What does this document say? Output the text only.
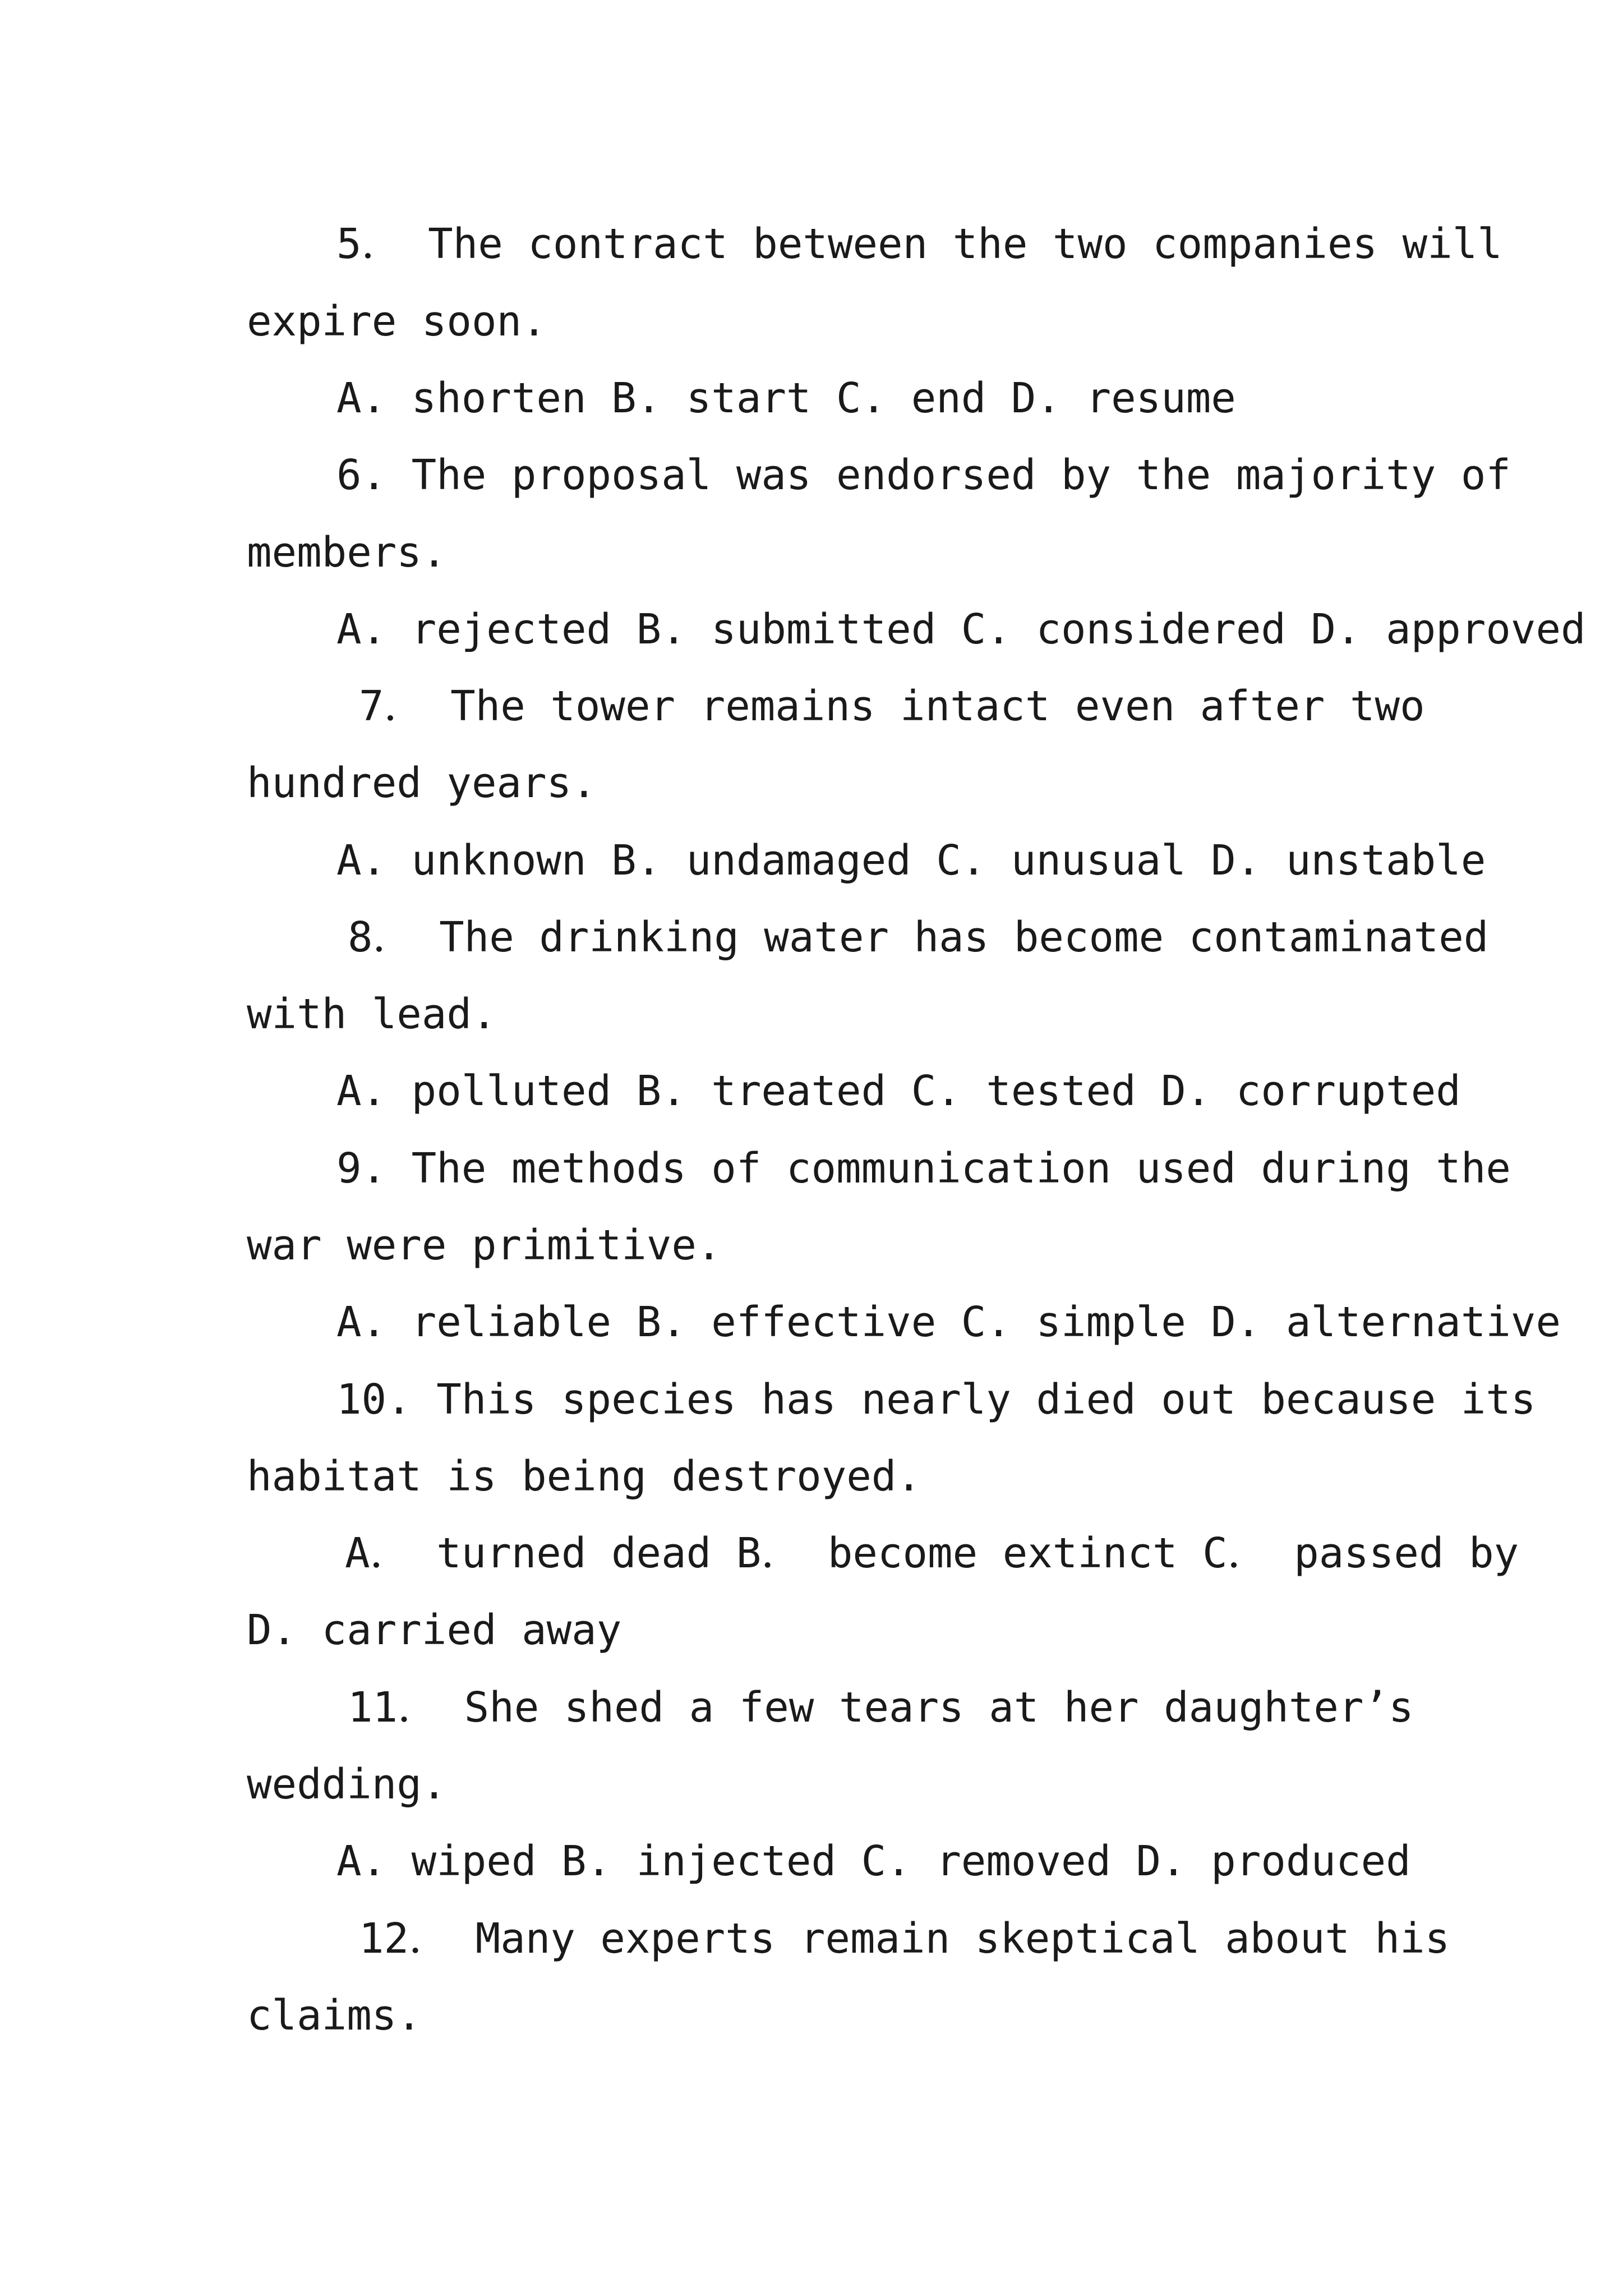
5． The contract between the two companies will
expire soon.
A. shorten B. start C. end D. resume
6. The proposal was endorsed by the majority of
members.
A. rejected B. submitted C. considered D. approved
7． The tower remains intact even after two
hundred years.
A. unknown B. undamaged C. unusual D. unstable
8． The drinking water has become contaminated
with lead.
A. polluted B. treated C. tested D. corrupted
9. The methods of communication used during the
war were primitive.
A. reliable B. effective C. simple D. alternative
10. This species has nearly died out because its
habitat is being destroyed.
A． turned dead B． become extinct C． passed by
D. carried away
11． She shed a few tears at her daughter’s
wedding.
A. wiped B. injected C. removed D. produced
12． Many experts remain skeptical about his
claims.
